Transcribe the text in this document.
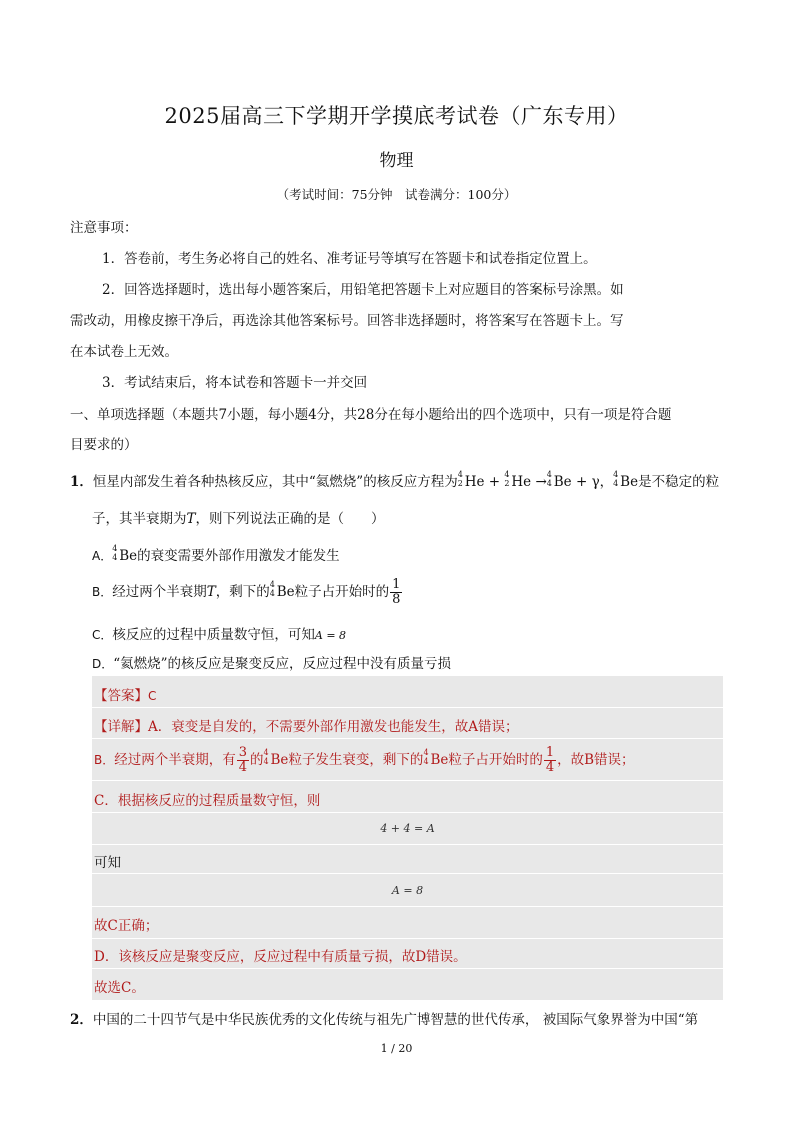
2025届高三下学期开学摸底考试卷（广东专用）
物理
（考试时间：75分钟　试卷满分：100分）
注意事项：
1．答卷前，考生务必将自己的姓名、准考证号等填写在答题卡和试卷指定位置上。
2．回答选择题时，选出每小题答案后，用铅笔把答题卡上对应题目的答案标号涂黑。如
需改动，用橡皮擦干净后，再选涂其他答案标号。回答非选择题时，将答案写在答题卡上。写
在本试卷上无效。
3．考试结束后，将本试卷和答题卡一并交回
一、单项选择题（本题共7小题，每小题4分，共28分在每小题给出的四个选项中，只有一项是符合题
目要求的）
1．恒星内部发生着各种热核反应，其中“氦燃烧”的核反应方程为 4
2 He + 4
2 He → 4
4 Be + γ， 4
4 Be是不稳定的粒
子，其半衰期为T，则下列说法正确的是（　　）
A．
4
4 Be的衰变需要外部作用激发才能发生
B．经过两个半衰期T，剩下的 4
4 Be粒子占开始时的 $\frac{1}{8}$
C．核反应的过程中质量数守恒，可知A = 8
D．“氦燃烧”的核反应是聚变反应，反应过程中没有质量亏损
【答案】C
【详解】A．衰变是自发的，不需要外部作用激发也能发生，故A错误；
B．经过两个半衰期，有 $\frac{3}{4}$ 的 4
4 Be粒子发生衰变，剩下的 4
4 Be粒子占开始时的 $\frac{1}{4}$ ，故B错误；
C．根据核反应的过程质量数守恒，则
4 + 4 = A
可知
A = 8
故C正确；
D．该核反应是聚变反应，反应过程中有质量亏损，故D错误。
故选C。
2．中国的二十四节气是中华民族优秀的文化传统与祖先广博智慧的世代传承， 被国际气象界誉为中国“第
1 / 20
